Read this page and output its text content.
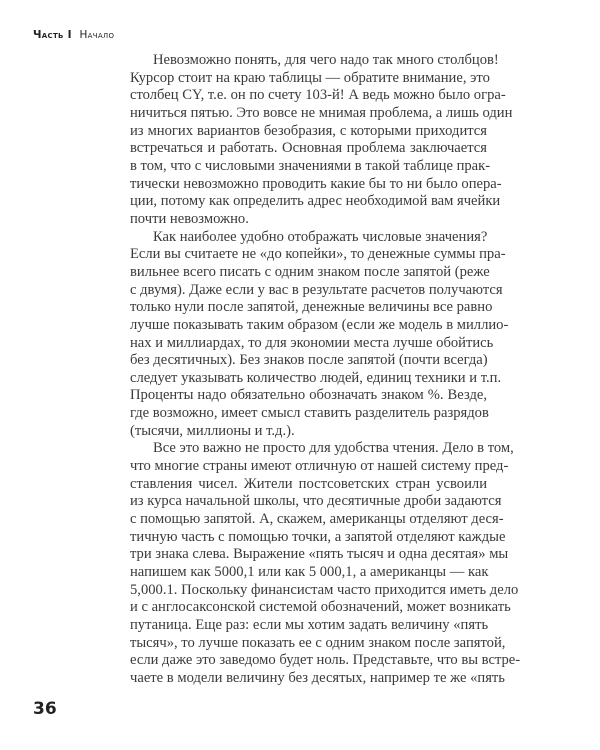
Часть I Начало
Невозможно понять, для чего надо так много столбцов!
Курсор стоит на краю таблицы — обратите внимание, это
столбец CY, т.е. он по счету 103-й! А ведь можно было огра-
ничиться пятью. Это вовсе не мнимая проблема, а лишь один
из многих вариантов безобразия, с которыми приходится
встречаться и работать. Основная проблема заключается
в том, что с числовыми значениями в такой таблице прак-
тически невозможно проводить какие бы то ни было опера-
ции, потому как определить адрес необходимой вам ячейки
почти невозможно.
Как наиболее удобно отображать числовые значения?
Если вы считаете не «до копейки», то денежные суммы пра-
вильнее всего писать с одним знаком после запятой (реже
с двумя). Даже если у вас в результате расчетов получаются
только нули после запятой, денежные величины все равно
лучше показывать таким образом (если же модель в миллио-
нах и миллиардах, то для экономии места лучше обойтись
без десятичных). Без знаков после запятой (почти всегда)
следует указывать количество людей, единиц техники и т.п.
Проценты надо обязательно обозначать знаком %. Везде,
где возможно, имеет смысл ставить разделитель разрядов
(тысячи, миллионы и т.д.).
Все это важно не просто для удобства чтения. Дело в том,
что многие страны имеют отличную от нашей систему пред-
ставления чисел. Жители постсоветских стран усвоили
из курса начальной школы, что десятичные дроби задаются
с помощью запятой. А, скажем, американцы отделяют деся-
тичную часть с помощью точки, а запятой отделяют каждые
три знака слева. Выражение «пять тысяч и одна десятая» мы
напишем как 5000,1 или как 5 000,1, а американцы — как
5,000.1. Поскольку финансистам часто приходится иметь дело
и с англосаксонской системой обозначений, может возникать
путаница. Еще раз: если мы хотим задать величину «пять
тысяч», то лучше показать ее с одним знаком после запятой,
если даже это заведомо будет ноль. Представьте, что вы встре-
чаете в модели величину без десятых, например те же «пять
36
